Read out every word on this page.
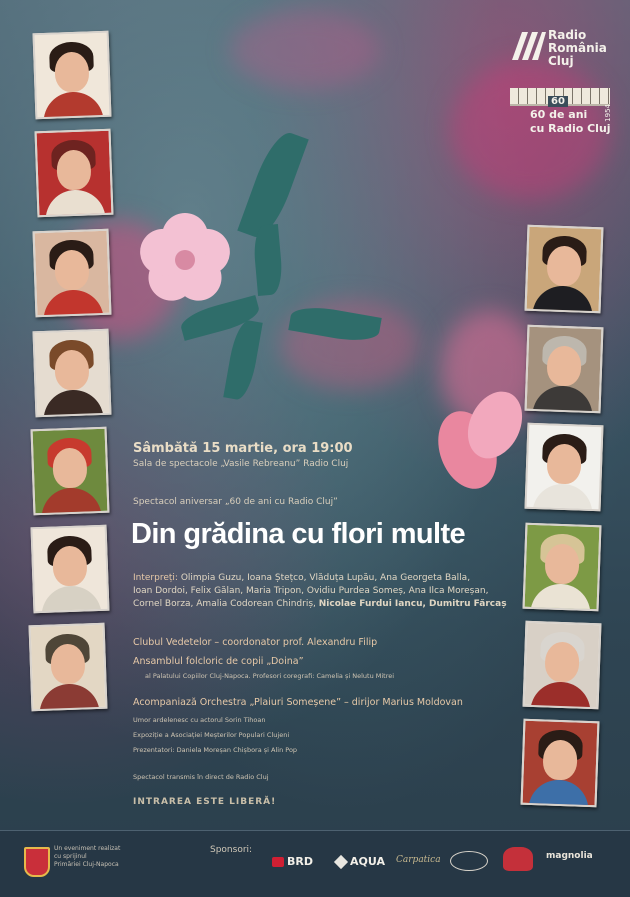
Radio
România
Cluj
60
1954
60 de ani
cu Radio Cluj
Sâmbătă 15 martie, ora 19:00
Sala de spectacole „Vasile Rebreanu” Radio Cluj
Spectacol aniversar „60 de ani cu Radio Cluj”
Din grădina cu flori multe
Interpreți: Olimpia Guzu, Ioana Ștețco, Vlăduța Lupău, Ana Georgeta Balla,
Ioan Dordoi, Felix Gălan, Maria Tripon, Ovidiu Purdea Someș, Ana Ilca Moreșan,
Cornel Borza, Amalia Codorean Chindriș, Nicolae Furdui Iancu, Dumitru Fărcaș
Clubul Vedetelor – coordonator prof. Alexandru Filip
Ansamblul folcloric de copii „Doina”
al Palatului Copiilor Cluj-Napoca. Profesori coregrafi: Camelia și Nelutu Mitrei
Acompaniază Orchestra „Plaiuri Someșene” – dirijor Marius Moldovan
Umor ardelenesc cu actorul Sorin Tihoan
Expoziție a Asociației Meșterilor Populari Clujeni
Prezentatori: Daniela Moreșan Chișbora și Alin Pop
Spectacol transmis în direct de Radio Cluj
INTRAREA ESTE LIBERĂ!
Un eveniment realizat
cu sprijinul
Primăriei Cluj-Napoca
Sponsori:
BRD	AQUA Carpatica	magnolia
